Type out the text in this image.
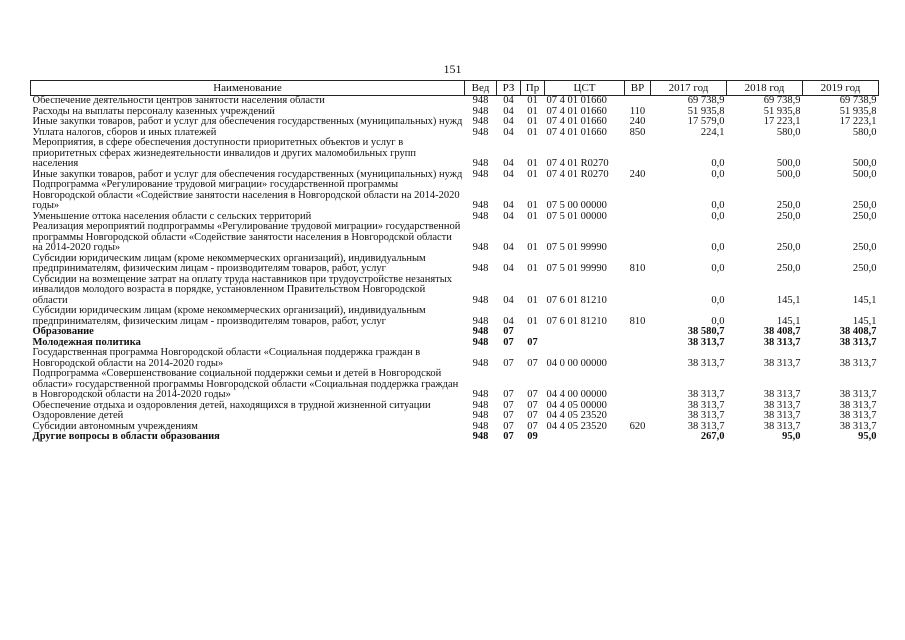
151
Наименование	Вед	РЗ	Пр	ЦСТ	ВР	2017 год	2018 год	2019 год
Обеспечение деятельности центров занятости населения области	948	04	01	07 4 01 01660		69 738,9	69 738,9	69 738,9
Расходы на выплаты персоналу казенных учреждений	948	04	01	07 4 01 01660	110	51 935,8	51 935,8	51 935,8
Иные закупки товаров, работ и услуг для обеспечения государственных (муниципальных) нужд	948	04	01	07 4 01 01660	240	17 579,0	17 223,1	17 223,1
Уплата налогов, сборов и иных платежей	948	04	01	07 4 01 01660	850	224,1	580,0	580,0
Мероприятия, в сфере обеспечения доступности приоритетных объектов и услуг в приоритетных сферах жизнедеятельности инвалидов и других маломобильных групп населения	948	04	01	07 4 01 R0270		0,0	500,0	500,0
Иные закупки товаров, работ и услуг для обеспечения государственных (муниципальных) нужд	948	04	01	07 4 01 R0270	240	0,0	500,0	500,0
Подпрограмма «Регулирование трудовой миграции» государственной программы Новгородской области «Содействие занятости населения в Новгородской области на 2014-2020 годы»	948	04	01	07 5 00 00000		0,0	250,0	250,0
Уменьшение оттока населения области с сельских территорий	948	04	01	07 5 01 00000		0,0	250,0	250,0
Реализация мероприятий подпрограммы «Регулирование трудовой миграции» государственной программы Новгородской области «Содействие занятости населения в Новгородской области на 2014-2020 годы»	948	04	01	07 5 01 99990		0,0	250,0	250,0
Субсидии юридическим лицам (кроме некоммерческих организаций), индивидуальным предпринимателям, физическим лицам - производителям товаров, работ, услуг	948	04	01	07 5 01 99990	810	0,0	250,0	250,0
Субсидии на возмещение затрат на оплату труда наставников при трудоустройстве незанятых инвалидов молодого возраста в порядке, установленном Правительством Новгородской области	948	04	01	07 6 01 81210		0,0	145,1	145,1
Субсидии юридическим лицам (кроме некоммерческих организаций), индивидуальным предпринимателям, физическим лицам - производителям товаров, работ, услуг	948	04	01	07 6 01 81210	810	0,0	145,1	145,1
Образование	948	07				38 580,7	38 408,7	38 408,7
Молодежная политика	948	07	07			38 313,7	38 313,7	38 313,7
Государственная программа Новгородской области «Социальная поддержка граждан в Новгородской области на 2014-2020 годы»	948	07	07	04 0 00 00000		38 313,7	38 313,7	38 313,7
Подпрограмма «Совершенствование социальной поддержки семьи и детей в Новгородской области» государственной программы Новгородской области «Социальная поддержка граждан в Новгородской области на 2014-2020 годы»	948	07	07	04 4 00 00000		38 313,7	38 313,7	38 313,7
Обеспечение отдыха и оздоровления детей, находящихся в трудной жизненной ситуации	948	07	07	04 4 05 00000		38 313,7	38 313,7	38 313,7
Оздоровление детей	948	07	07	04 4 05 23520		38 313,7	38 313,7	38 313,7
Субсидии автономным учреждениям	948	07	07	04 4 05 23520	620	38 313,7	38 313,7	38 313,7
Другие вопросы в области образования	948	07	09			267,0	95,0	95,0
